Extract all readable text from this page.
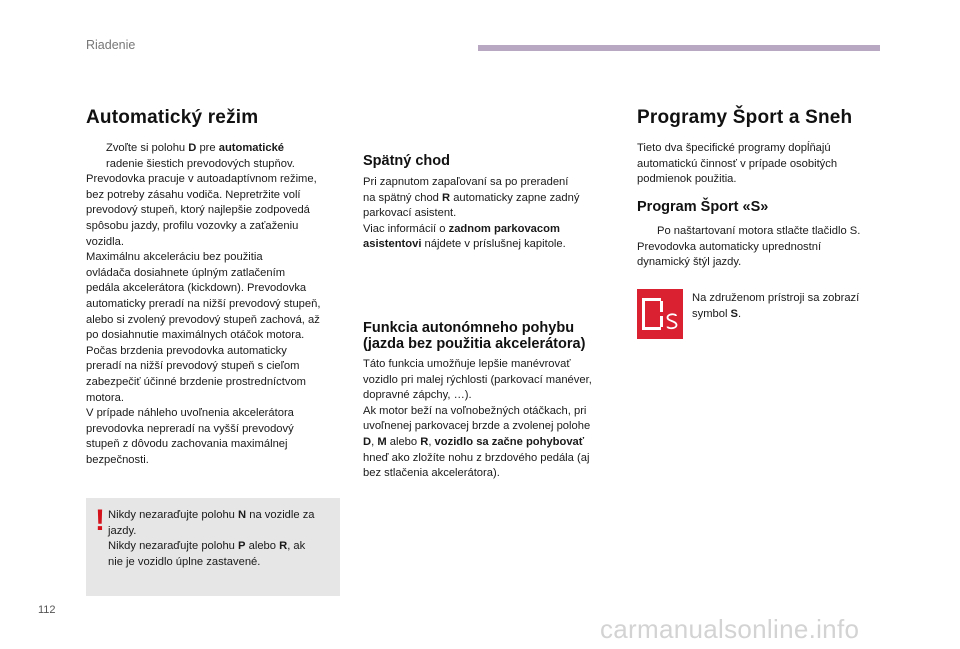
Riadenie
Automatický režim
Zvoľte si polohu D pre automatické
radenie šiestich prevodových stupňov.
Prevodovka pracuje v autoadaptívnom režime,
bez potreby zásahu vodiča. Nepretržite volí
prevodový stupeň, ktorý najlepšie zodpovedá
spôsobu jazdy, profilu vozovky a zaťaženiu
vozidla.
Maximálnu akceleráciu bez použitia
ovládača dosiahnete úplným zatlačením
pedála akcelerátora (kickdown). Prevodovka
automaticky preradí na nižší prevodový stupeň,
alebo si zvolený prevodový stupeň zachová, až
po dosiahnutie maximálnych otáčok motora.
Počas brzdenia prevodovka automaticky
preradí na nižší prevodový stupeň s cieľom
zabezpečiť účinné brzdenie prostredníctvom
motora.
V prípade náhleho uvoľnenia akcelerátora
prevodovka nepreradí na vyšší prevodový
stupeň z dôvodu zachovania maximálnej
bezpečnosti.
! Nikdy nezaraďujte polohu N na vozidle za
jazdy.
Nikdy nezaraďujte polohu P alebo R, ak
nie je vozidlo úplne zastavené.
Spätný chod
Pri zapnutom zapaľovaní sa po preradení
na spätný chod R automaticky zapne zadný
parkovací asistent.
Viac informácií o zadnom parkovacom
asistentovi nájdete v príslušnej kapitole.
Funkcia autonómneho pohybu
(jazda bez použitia akcelerátora)
Táto funkcia umožňuje lepšie manévrovať
vozidlo pri malej rýchlosti (parkovací manéver,
dopravné zápchy, …).
Ak motor beží na voľnobežných otáčkach, pri
uvoľnenej parkovacej brzde a zvolenej polohe
D, M alebo R, vozidlo sa začne pohybovať
hneď ako zložíte nohu z brzdového pedála (aj
bez stlačenia akcelerátora).
Programy Šport a Sneh
Tieto dva špecifické programy dopĺňajú
automatickú činnosť v prípade osobitých
podmienok použitia.
Program Šport «S»
Po naštartovaní motora stlačte tlačidlo S.
Prevodovka automaticky uprednostní
dynamický štýl jazdy.
Na združenom prístroji sa zobrazí
symbol S.
112
carmanualsonline.info
